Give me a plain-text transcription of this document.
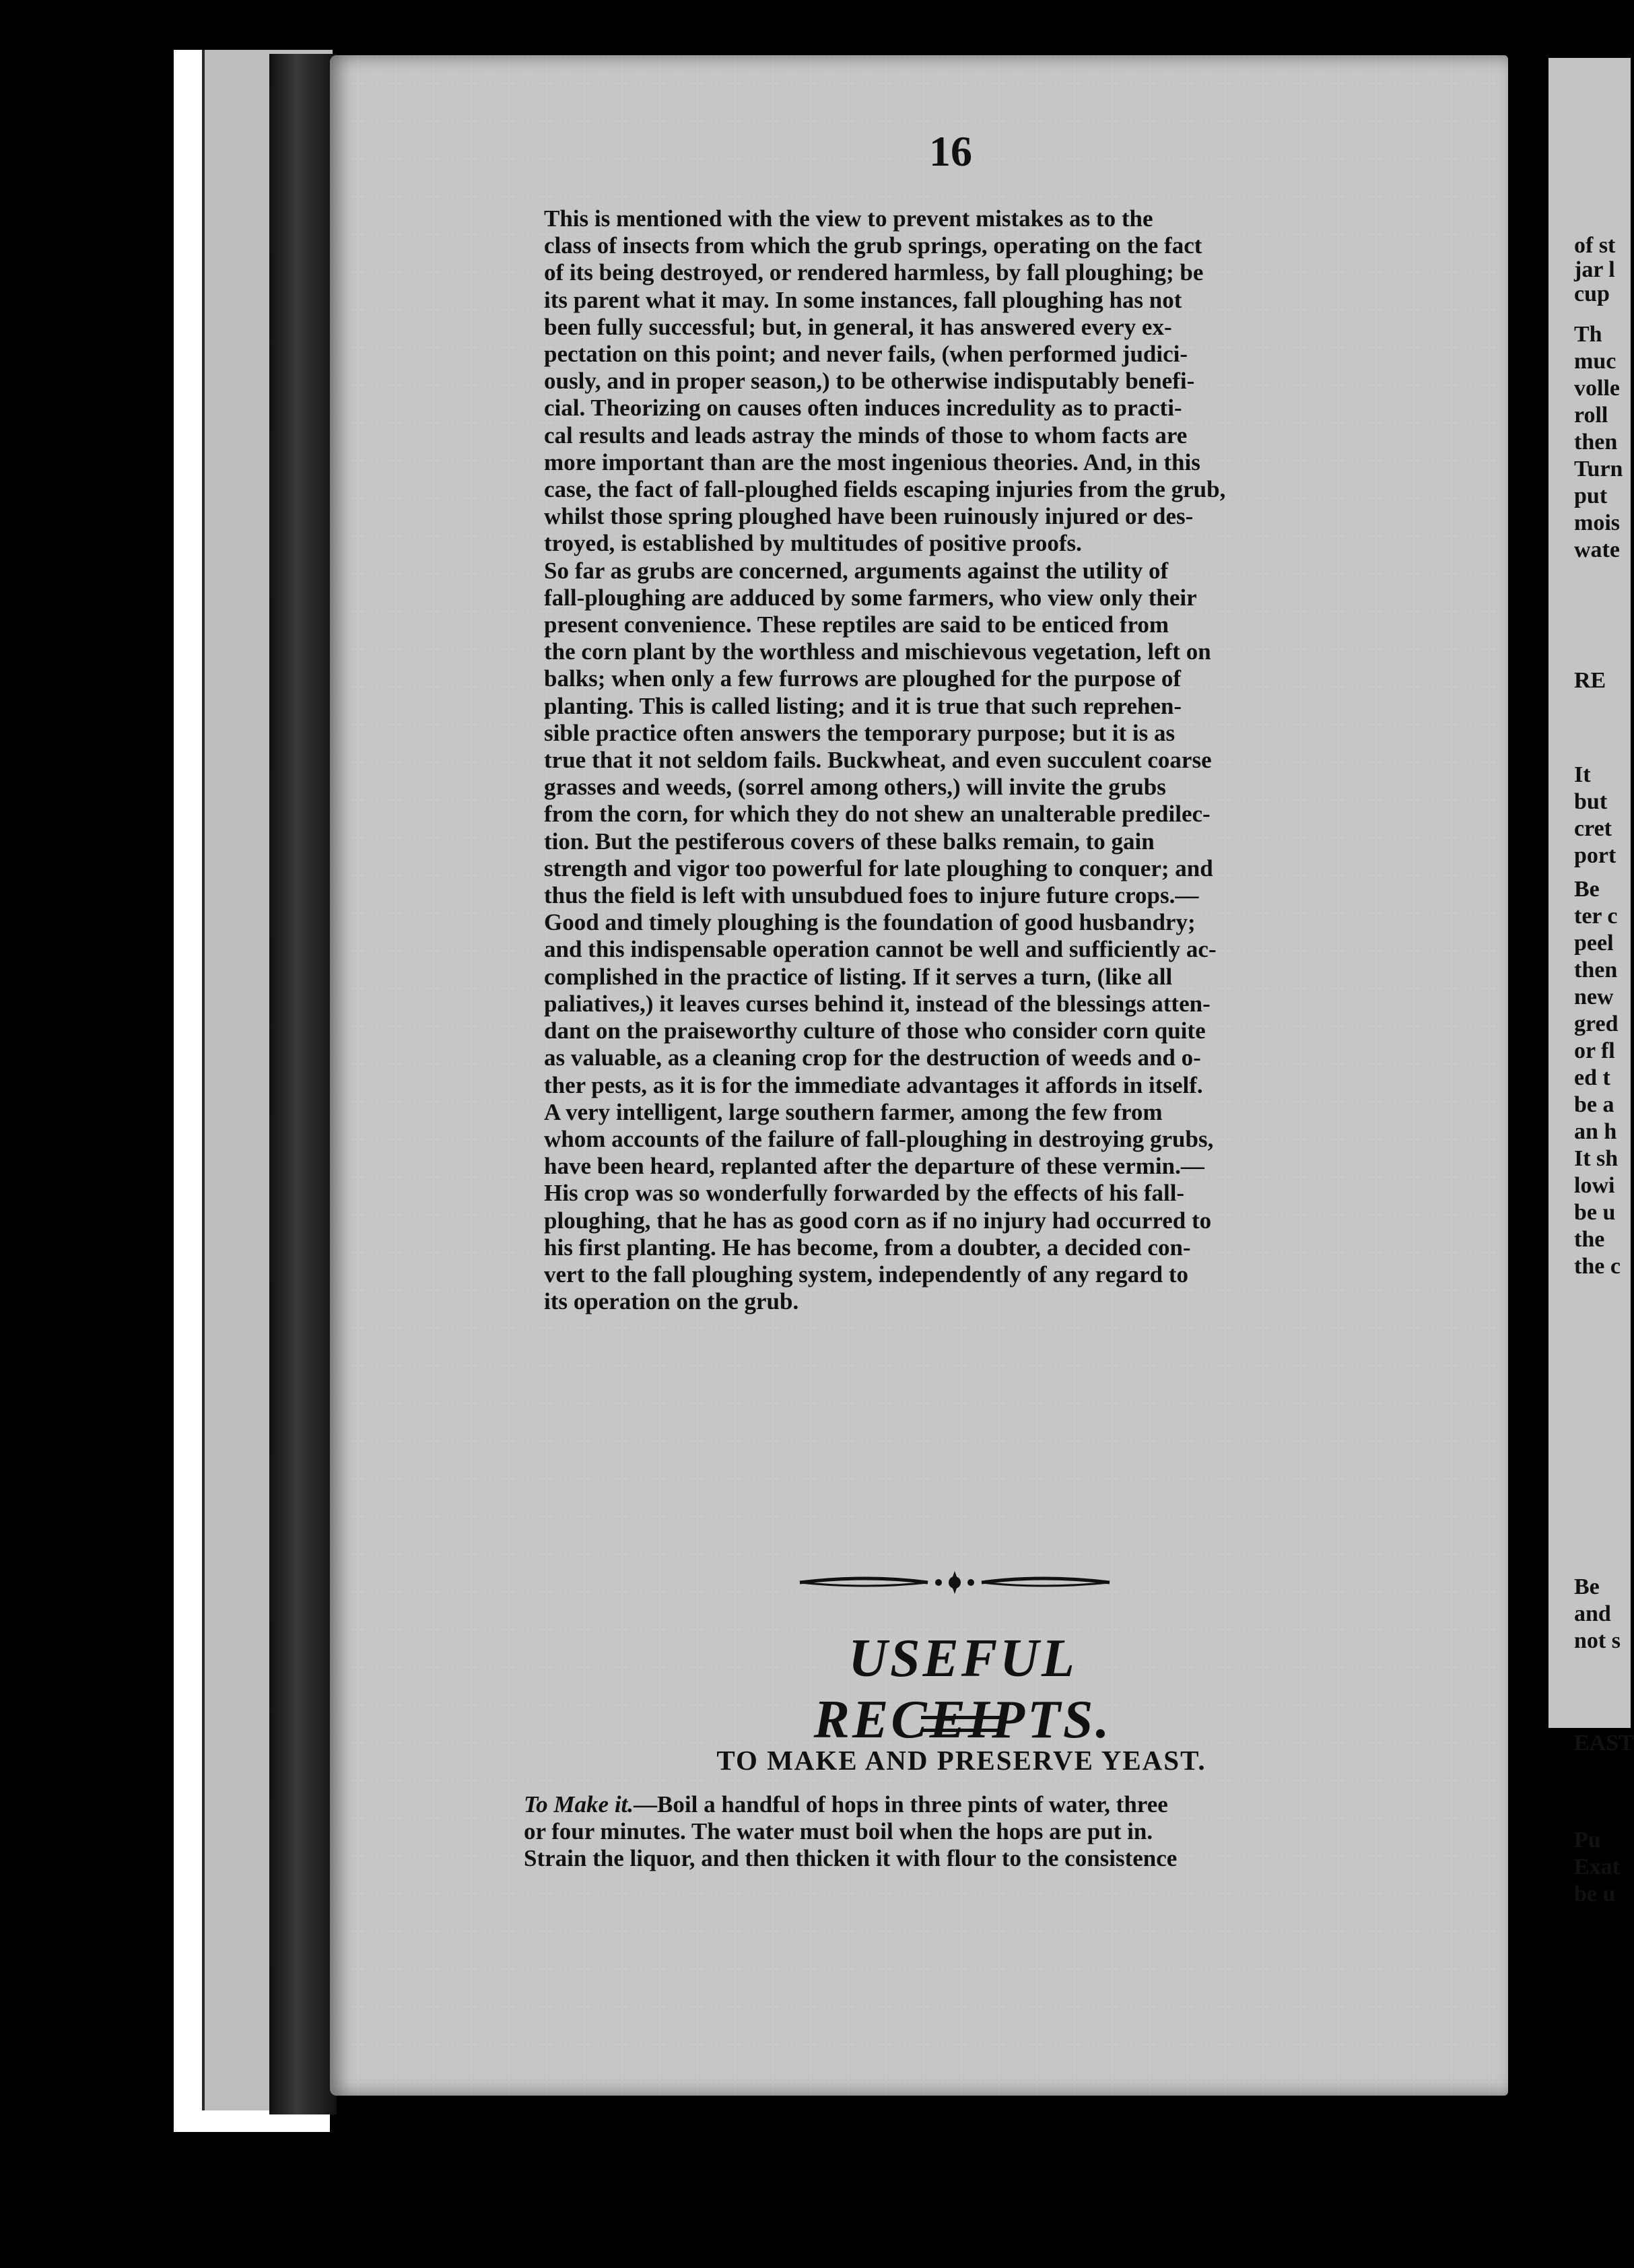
16

This is mentioned with the view to prevent mistakes as to the
class of insects from which the grub springs, operating on the fact
of its being destroyed, or rendered harmless, by fall ploughing; be
its parent what it may. In some instances, fall ploughing has not
been fully successful; but, in general, it has answered every ex-
pectation on this point; and never fails, (when performed judici-
ously, and in proper season,) to be otherwise indisputably benefi-
cial. Theorizing on causes often induces incredulity as to practi-
cal results and leads astray the minds of those to whom facts are
more important than are the most ingenious theories. And, in this
case, the fact of fall-ploughed fields escaping injuries from the grub,
whilst those spring ploughed have been ruinously injured or des-
troyed, is established by multitudes of positive proofs.

So far as grubs are concerned, arguments against the utility of
fall-ploughing are adduced by some farmers, who view only their
present convenience. These reptiles are said to be enticed from
the corn plant by the worthless and mischievous vegetation, left on
balks; when only a few furrows are ploughed for the purpose of
planting. This is called listing; and it is true that such reprehen-
sible practice often answers the temporary purpose; but it is as
true that it not seldom fails. Buckwheat, and even succulent coarse
grasses and weeds, (sorrel among others,) will invite the grubs
from the corn, for which they do not shew an unalterable predilec-
tion. But the pestiferous covers of these balks remain, to gain
strength and vigor too powerful for late ploughing to conquer; and
thus the field is left with unsubdued foes to injure future crops.—
Good and timely ploughing is the foundation of good husbandry;
and this indispensable operation cannot be well and sufficiently ac-
complished in the practice of listing. If it serves a turn, (like all
paliatives,) it leaves curses behind it, instead of the blessings atten-
dant on the praiseworthy culture of those who consider corn quite
as valuable, as a cleaning crop for the destruction of weeds and o-
ther pests, as it is for the immediate advantages it affords in itself.

A very intelligent, large southern farmer, among the few from
whom accounts of the failure of fall-ploughing in destroying grubs,
have been heard, replanted after the departure of these vermin.—
His crop was so wonderfully forwarded by the effects of his fall-
ploughing, that he has as good corn as if no injury had occurred to
his first planting. He has become, from a doubter, a decided con-
vert to the fall ploughing system, independently of any regard to
its operation on the grub.

USEFUL RECEIPTS.
TO MAKE AND PRESERVE YEAST.
To Make it.—Boil a handful of hops in three pints of water, three
or four minutes. The water must boil when the hops are put in.
Strain the liquor, and then thicken it with flour to the consistence
of st
jar l
cup
Th
muc
volle
roll
then
Turn
put
mois
wate
RE
It
but
cret
port
Be
ter c
peel
then
new
gred
or fl
ed t
be a
an h
It sh
lowi
be u
the
the c
Be
and
not s
EAST
Pu
Exat
be u
